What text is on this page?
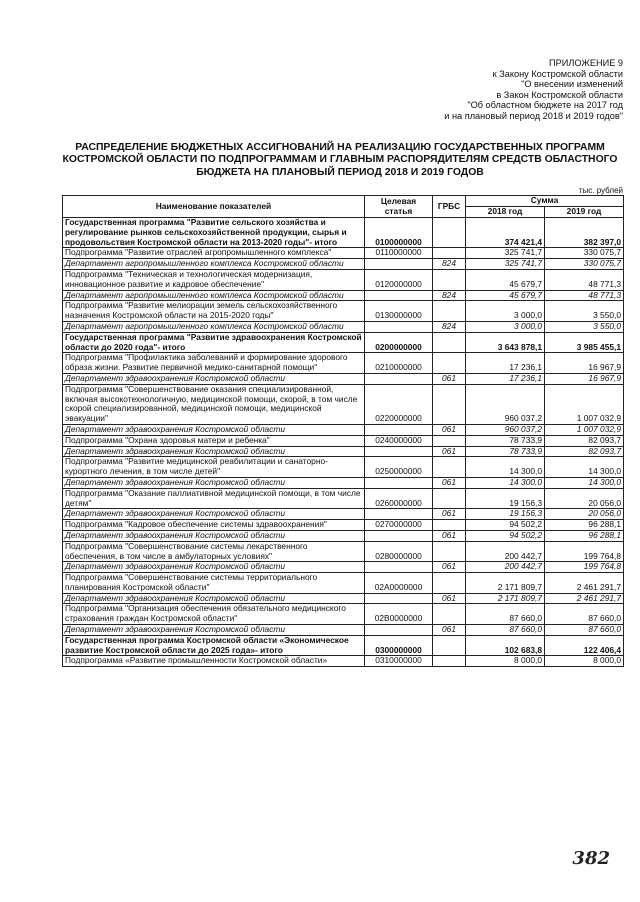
ПРИЛОЖЕНИЕ 9
к Закону Костромской области
"О внесении изменений
в Закон Костромской области
"Об областном бюджете на 2017 год
и на плановый период 2018 и 2019 годов"
РАСПРЕДЕЛЕНИЕ БЮДЖЕТНЫХ АССИГНОВАНИЙ НА РЕАЛИЗАЦИЮ ГОСУДАРСТВЕННЫХ ПРОГРАММ КОСТРОМСКОЙ ОБЛАСТИ ПО ПОДПРОГРАММАМ И ГЛАВНЫМ РАСПОРЯДИТЕЛЯМ СРЕДСТВ ОБЛАСТНОГО БЮДЖЕТА НА ПЛАНОВЫЙ ПЕРИОД 2018 И 2019 ГОДОВ
тыс. рублей
Наименование показателей	Целевая статья	ГРБС	Сумма	
			2018 год	2019 год
Государственная программа "Развитие сельского хозяйства и регулирование рынков сельскохозяйственной продукции, сырья и продовольствия Костромской области на 2013-2020 годы"- итого	0100000000		374 421,4	382 397,0
Подпрограмма "Развитие отраслей агропромышленного комплекса"	0110000000		325 741,7	330 075,7
Департамент агропромышленного комплекса Костромской области		824	325 741,7	330 075,7
Подпрограмма "Техническая и технологическая модернизация, инновационное развитие и кадровое обеспечение"	0120000000		45 679,7	48 771,3
Департамент агропромышленного комплекса Костромской области		824	45 679,7	48 771,3
Подпрограмма "Развитие мелиорации земель сельскохозяйственного назначения Костромской области на 2015-2020 годы"	0130000000		3 000,0	3 550,0
Департамент агропромышленного комплекса Костромской области		824	3 000,0	3 550,0
Государственная программа "Развитие здравоохранения Костромской области до 2020 года"- итого	0200000000		3 643 878,1	3 985 455,1
Подпрограмма "Профилактика заболеваний и формирование здорового образа жизни. Развитие первичной медико-санитарной помощи"	0210000000		17 236,1	16 967,9
Департамент здравоохранения Костромской области		061	17 236,1	16 967,9
Подпрограмма "Совершенствование оказания специализированной, включая высокотехнологичную, медицинской помощи, скорой, в том числе скорой специализированной, медицинской помощи, медицинской эвакуации"	0220000000		960 037,2	1 007 032,9
Департамент здравоохранения Костромской области		061	960 037,2	1 007 032,9
Подпрограмма "Охрана здоровья матери и ребенка"	0240000000		78 733,9	82 093,7
Департамент здравоохранения Костромской области		061	78 733,9	82 093,7
Подпрограмма "Развитие медицинской реабилитации и санаторно-курортного лечения, в том числе детей"	0250000000		14 300,0	14 300,0
Департамент здравоохранения Костромской области		061	14 300,0	14 300,0
Подпрограмма "Оказание паллиативной медицинской помощи, в том числе детям"	0260000000		19 156,3	20 056,0
Департамент здравоохранения Костромской области		061	19 156,3	20 056,0
Подпрограмма "Кадровое обеспечение системы здравоохранения"	0270000000		94 502,2	96 288,1
Департамент здравоохранения Костромской области		061	94 502,2	96 288,1
Подпрограмма "Совершенствование системы лекарственного обеспечения, в том числе в амбулаторных условиях"	0280000000		200 442,7	199 764,8
Департамент здравоохранения Костромской области		061	200 442,7	199 764,8
Подпрограмма "Совершенствование системы территориального планирования Костромской области"	02А0000000		2 171 809,7	2 461 291,7
Департамент здравоохранения Костромской области		061	2 171 809,7	2 461 291,7
Подпрограмма "Организация обеспечения обязательного медицинского страхования граждан Костромской области"	02В0000000		87 660,0	87 660,0
Департамент здравоохранения Костромской области		061	87 660,0	87 660,0
Государственная программа Костромской области «Экономическое развитие Костромской области до 2025 года»- итого	0300000000		102 683,8	122 406,4
Подпрограмма «Развитие промышленности Костромской области»	0310000000		8 000,0	8 000,0
382
